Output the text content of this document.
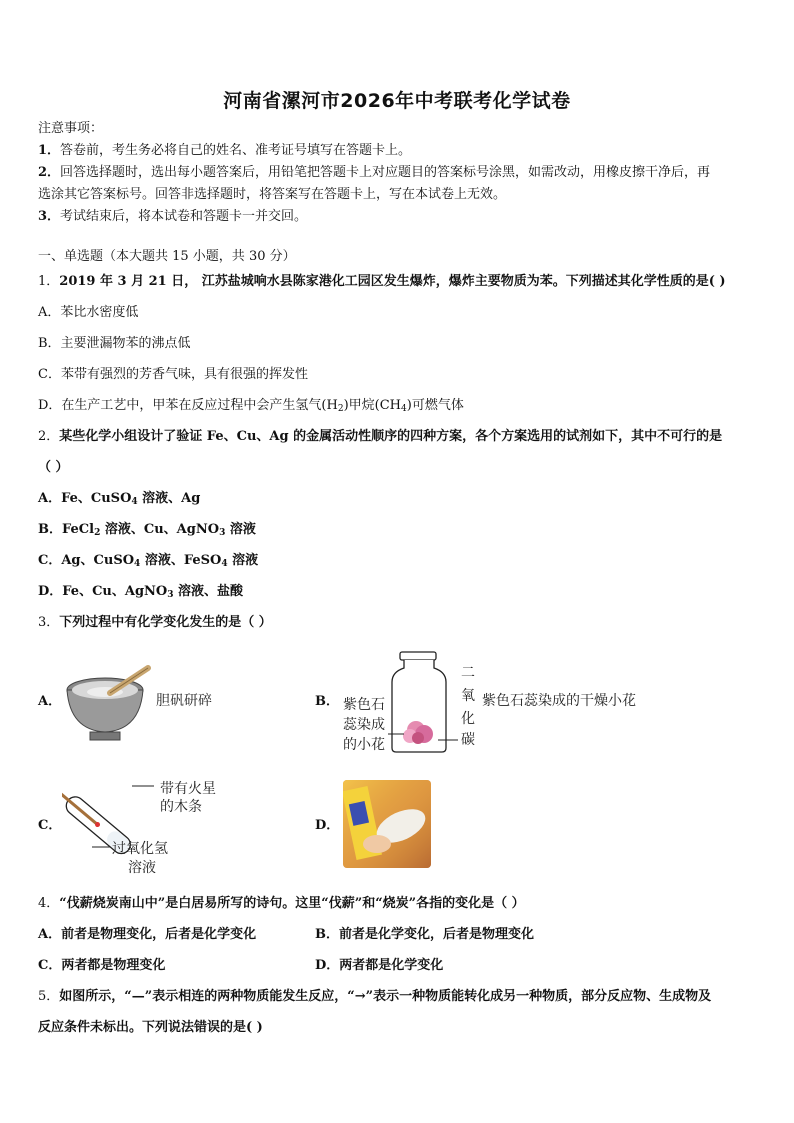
河南省漯河市2026年中考联考化学试卷
注意事项：
1．答卷前，考生务必将自己的姓名、准考证号填写在答题卡上。
2．回答选择题时，选出每小题答案后，用铅笔把答题卡上对应题目的答案标号涂黑，如需改动，用橡皮擦干净后，再
选涂其它答案标号。回答非选择题时，将答案写在答题卡上，写在本试卷上无效。
3．考试结束后，将本试卷和答题卡一并交回。
一、单选题（本大题共 15 小题，共 30 分）
1．2019 年 3 月 21 日， 江苏盐城响水县陈家港化工园区发生爆炸，爆炸主要物质为苯。下列描述其化学性质的是( )
A．苯比水密度低
B．主要泄漏物苯的沸点低
C．苯带有强烈的芳香气味，具有很强的挥发性
D．在生产工艺中，甲苯在反应过程中会产生氢气$(H_2)$甲烷$(CH_4)$可燃气体
2．某些化学小组设计了验证 Fe、Cu、Ag 的金属活动性顺序的四种方案，各个方案选用的试剂如下，其中不可行的是
（ ）
A．Fe、CuSO$_4$ 溶液、Ag
B．FeCl$_2$ 溶液、Cu、AgNO$_3$ 溶液
C．Ag、CuSO$_4$ 溶液、FeSO$_4$ 溶液
D．Fe、Cu、AgNO$_3$ 溶液、盐酸
3．下列过程中有化学变化发生的是（ ）
A．	胆矾研碎	B． 紫色石
蕊染成
的小花
二
氧
化
碳
紫色石蕊染成的干燥小花
C．
带有火星
的木条
过氧化氢
溶液
D．
4．“伐薪烧炭南山中”是白居易所写的诗句。这里“伐薪”和“烧炭”各指的变化是（ ）
A．前者是物理变化，后者是化学变化	B．前者是化学变化，后者是物理变化
C．两者都是物理变化	D．两者都是化学变化
5．如图所示，“—”表示相连的两种物质能发生反应，“→”表示一种物质能转化成另一种物质，部分反应物、生成物及
反应条件未标出。下列说法错误的是( )
